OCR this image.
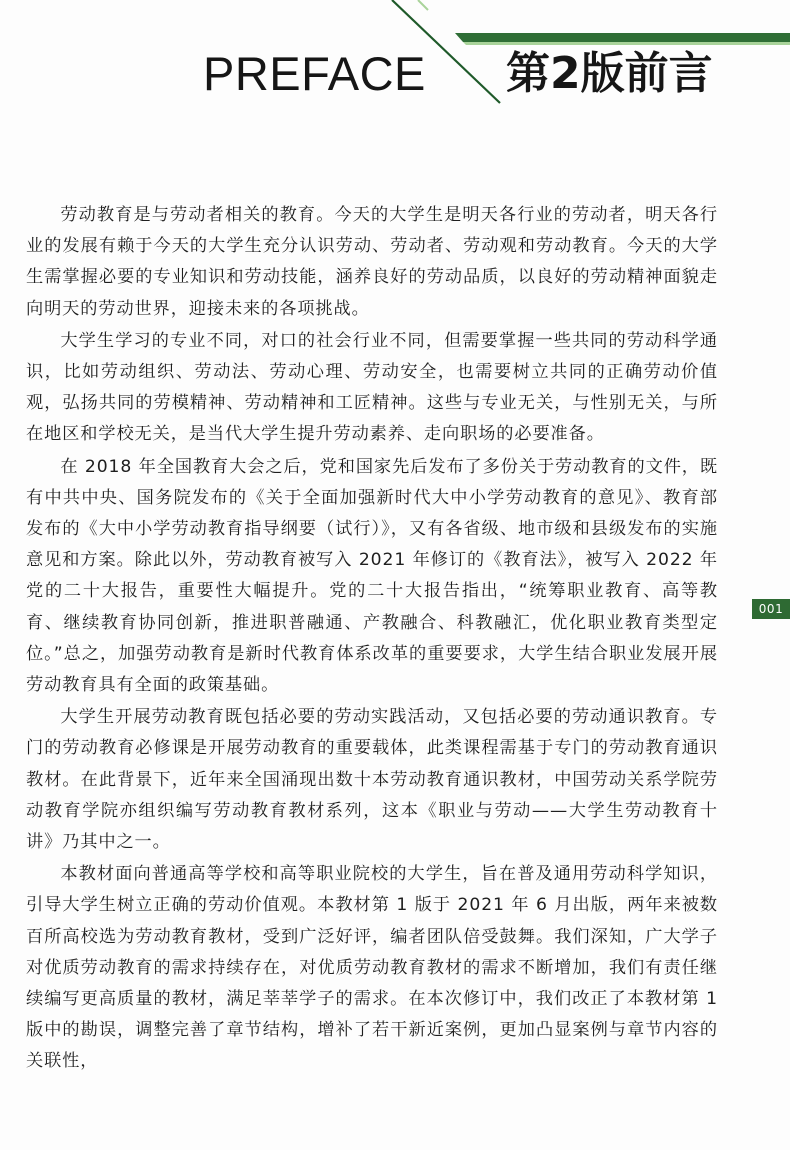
PREFACE 第2版前言

劳动教育是与劳动者相关的教育。今天的大学生是明天各行业的劳动者，明天各行业的发展有赖于今天的大学生充分认识劳动、劳动者、劳动观和劳动教育。今天的大学生需掌握必要的专业知识和劳动技能，涵养良好的劳动品质，以良好的劳动精神面貌走向明天的劳动世界，迎接未来的各项挑战。

大学生学习的专业不同，对口的社会行业不同，但需要掌握一些共同的劳动科学通识，比如劳动组织、劳动法、劳动心理、劳动安全，也需要树立共同的正确劳动价值观，弘扬共同的劳模精神、劳动精神和工匠精神。这些与专业无关，与性别无关，与所在地区和学校无关，是当代大学生提升劳动素养、走向职场的必要准备。

在 2018 年全国教育大会之后，党和国家先后发布了多份关于劳动教育的文件，既有中共中央、国务院发布的《关于全面加强新时代大中小学劳动教育的意见》、教育部发布的《大中小学劳动教育指导纲要（试行）》，又有各省级、地市级和县级发布的实施意见和方案。除此以外，劳动教育被写入 2021 年修订的《教育法》，被写入 2022 年党的二十大报告，重要性大幅提升。党的二十大报告指出，“统筹职业教育、高等教育、继续教育协同创新，推进职普融通、产教融合、科教融汇，优化职业教育类型定位。”总之，加强劳动教育是新时代教育体系改革的重要要求，大学生结合职业发展开展劳动教育具有全面的政策基础。

大学生开展劳动教育既包括必要的劳动实践活动，又包括必要的劳动通识教育。专门的劳动教育必修课是开展劳动教育的重要载体，此类课程需基于专门的劳动教育通识教材。在此背景下，近年来全国涌现出数十本劳动教育通识教材，中国劳动关系学院劳动教育学院亦组织编写劳动教育教材系列，这本《职业与劳动——大学生劳动教育十讲》乃其中之一。

本教材面向普通高等学校和高等职业院校的大学生，旨在普及通用劳动科学知识，引导大学生树立正确的劳动价值观。本教材第 1 版于 2021 年 6 月出版，两年来被数百所高校选为劳动教育教材，受到广泛好评，编者团队倍受鼓舞。我们深知，广大学子对优质劳动教育的需求持续存在，对优质劳动教育教材的需求不断增加，我们有责任继续编写更高质量的教材，满足莘莘学子的需求。在本次修订中，我们改正了本教材第 1 版中的勘误，调整完善了章节结构，增补了若干新近案例，更加凸显案例与章节内容的关联性，

001
